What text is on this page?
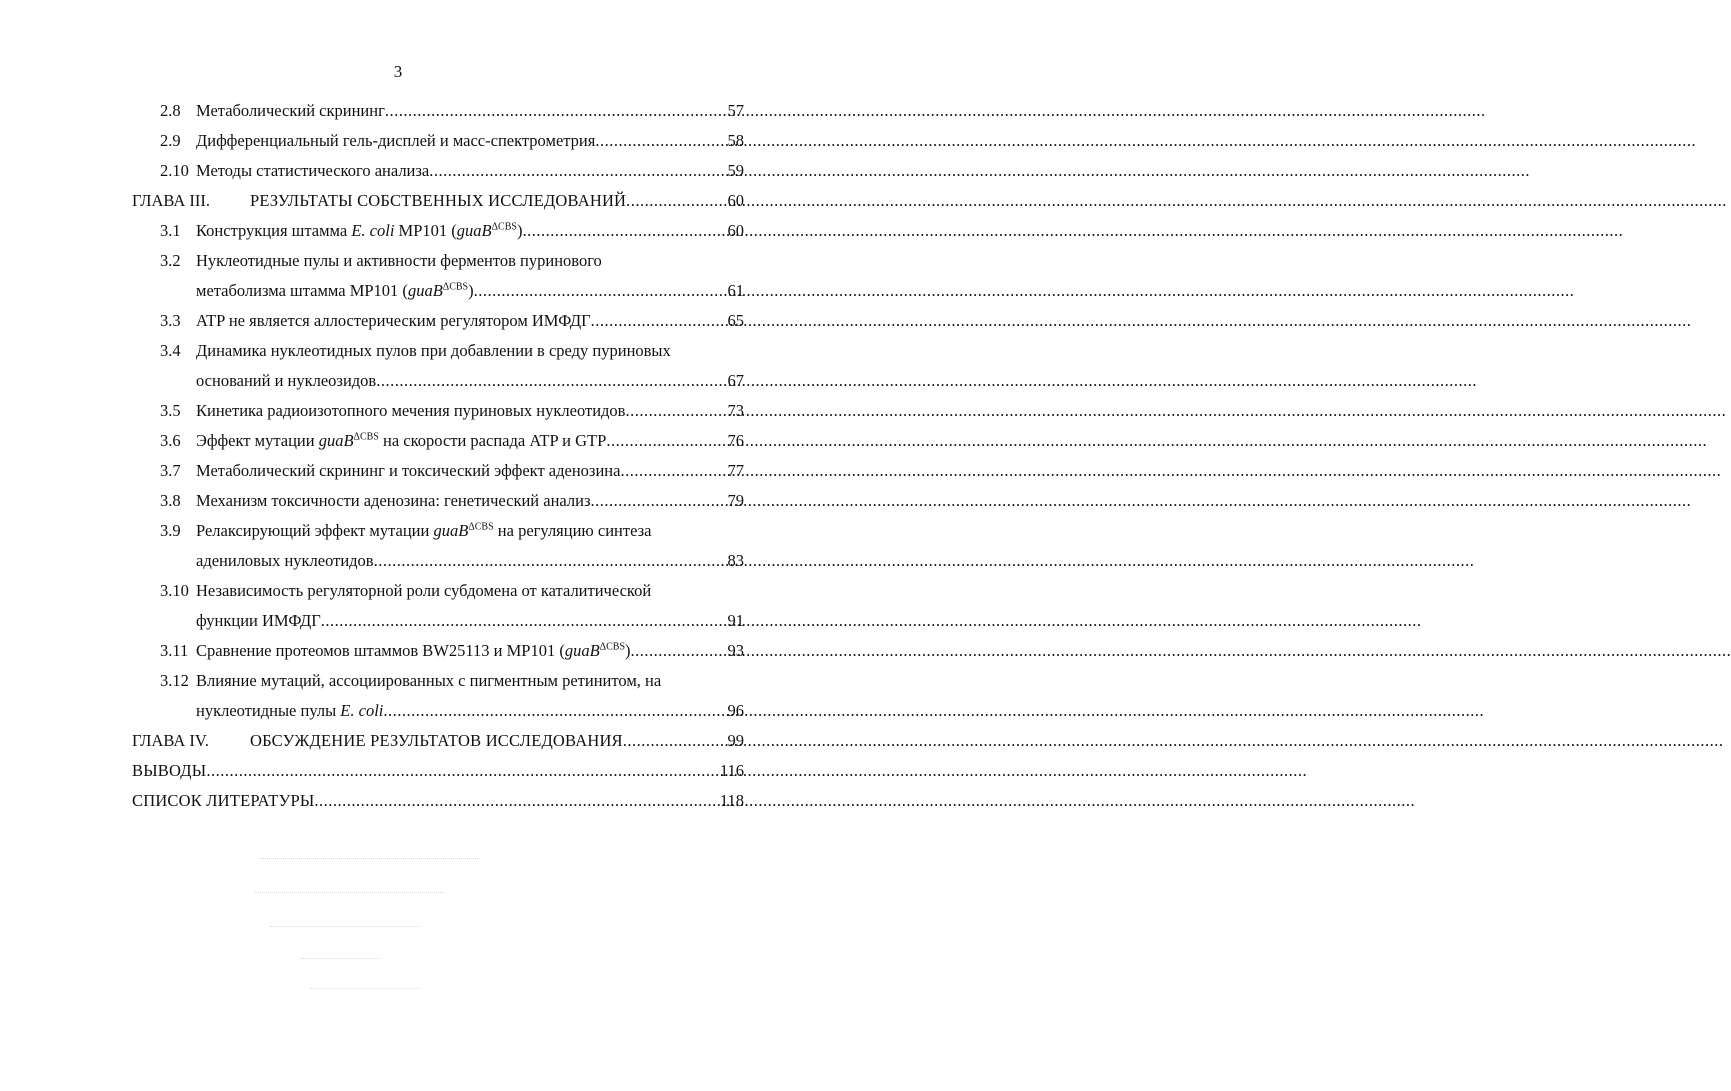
3
2.8 Метаболический скрининг .....	57
2.9 Дифференциальный гель-дисплей и масс-спектрометрия .....	58
2.10 Методы статистического анализа .....	59
ГЛАВА III.	РЕЗУЛЬТАТЫ СОБСТВЕННЫХ ИССЛЕДОВАНИЙ .....	60
3.1 Конструкция штамма E. coli MP101 (guaB$^{\Delta CBS}$) .....	60
3.2 Нуклеотидные пулы и активности ферментов пуринового
метаболизма штамма MP101 (guaB$^{\Delta CBS}$) .....	61
3.3 ATP не является аллостерическим регулятором ИМФДГ .....	65
3.4 Динамика нуклеотидных пулов при добавлении в среду пуриновых
оснований и нуклеозидов .....	67
3.5 Кинетика радиоизотопного мечения пуриновых нуклеотидов .....	73
3.6 Эффект мутации guaB$^{\Delta CBS}$ на скорости распада ATP и GTP .....	76
3.7 Метаболический скрининг и токсический эффект аденозина .....	77
3.8 Механизм токсичности аденозина: генетический анализ .....	79
3.9 Релаксирующий эффект мутации guaB$^{\Delta CBS}$ на регуляцию синтеза
адениловых нуклеотидов .....	83
3.10 Независимость регуляторной роли субдомена от каталитической
функции ИМФДГ .....	91
3.11 Сравнение протеомов штаммов BW25113 и MP101 (guaB$^{\Delta CBS}$) .....	93
3.12 Влияние мутаций, ассоциированных с пигментным ретинитом, на
нуклеотидные пулы E. coli .....	96
ГЛАВА IV.	ОБСУЖДЕНИЕ РЕЗУЛЬТАТОВ ИССЛЕДОВАНИЯ .....	99
ВЫВОДЫ .....	116
СПИСОК ЛИТЕРАТУРЫ .....	118
